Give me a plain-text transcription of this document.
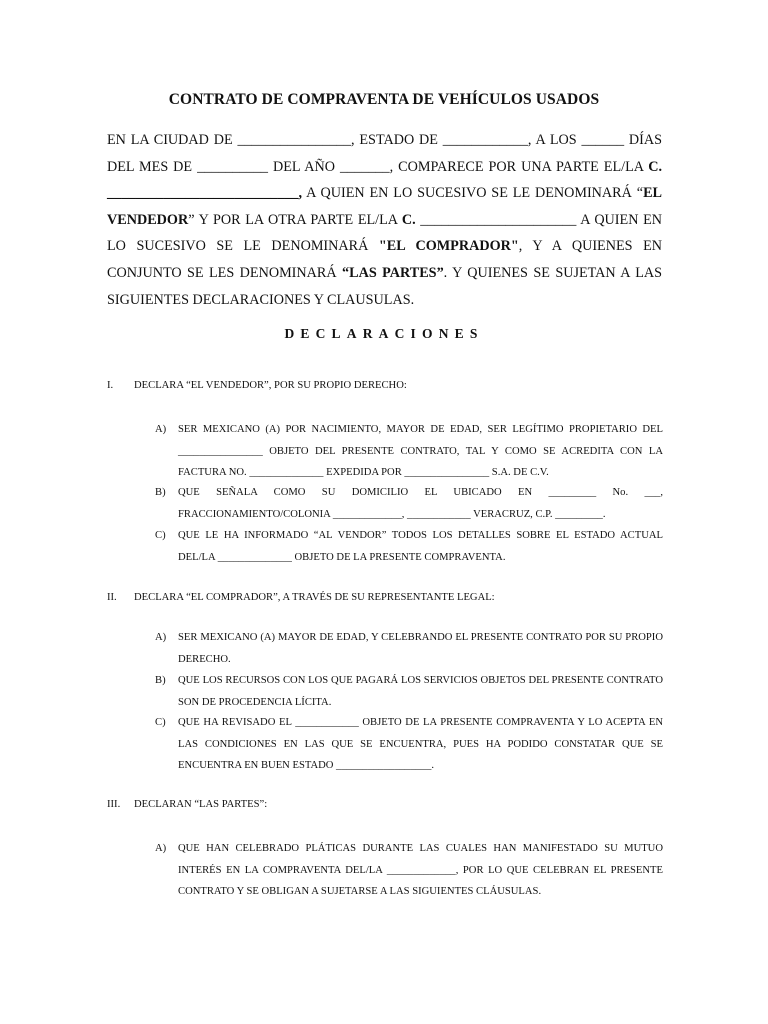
CONTRATO DE COMPRAVENTA DE VEHÍCULOS USADOS
EN LA CIUDAD DE ________________, ESTADO DE ____________, A LOS ______ DÍAS DEL MES DE __________ DEL AÑO _______, COMPARECE POR UNA PARTE EL/LA C. ___________________________, A QUIEN EN LO SUCESIVO SE LE DENOMINARÁ “EL VENDEDOR” Y POR LA OTRA PARTE EL/LA C. ______________________ A QUIEN EN LO SUCESIVO SE LE DENOMINARÁ "EL COMPRADOR", Y A QUIENES EN CONJUNTO SE LES DENOMINARÁ “LAS PARTES”. Y QUIENES SE SUJETAN A LAS SIGUIENTES DECLARACIONES Y CLAUSULAS.
DECLARACIONES
I. DECLARA “EL VENDEDOR”, POR SU PROPIO DERECHO:
A) SER MEXICANO (A) POR NACIMIENTO, MAYOR DE EDAD, SER LEGÍTIMO PROPIETARIO DEL ________________ OBJETO DEL PRESENTE CONTRATO, TAL Y COMO SE ACREDITA CON LA FACTURA NO. ______________ EXPEDIDA POR ________________ S.A. DE C.V.
B) QUE SEÑALA COMO SU DOMICILIO EL UBICADO EN _________ No. ___, FRACCIONAMIENTO/COLONIA _____________, ____________ VERACRUZ, C.P. _________.
C) QUE LE HA INFORMADO “AL VENDOR” TODOS LOS DETALLES SOBRE EL ESTADO ACTUAL DEL/LA ______________ OBJETO DE LA PRESENTE COMPRAVENTA.
II. DECLARA “EL COMPRADOR”, A TRAVÉS DE SU REPRESENTANTE LEGAL:
A) SER MEXICANO (A) MAYOR DE EDAD, Y CELEBRANDO EL PRESENTE CONTRATO POR SU PROPIO DERECHO.
B) QUE LOS RECURSOS CON LOS QUE PAGARÁ LOS SERVICIOS OBJETOS DEL PRESENTE CONTRATO SON DE PROCEDENCIA LÍCITA.
C) QUE HA REVISADO EL ____________ OBJETO DE LA PRESENTE COMPRAVENTA Y LO ACEPTA EN LAS CONDICIONES EN LAS QUE SE ENCUENTRA, PUES HA PODIDO CONSTATAR QUE SE ENCUENTRA EN BUEN ESTADO __________________.
III. DECLARAN “LAS PARTES”:
A) QUE HAN CELEBRADO PLÁTICAS DURANTE LAS CUALES HAN MANIFESTADO SU MUTUO INTERÉS EN LA COMPRAVENTA DEL/LA _____________, POR LO QUE CELEBRAN EL PRESENTE CONTRATO Y SE OBLIGAN A SUJETARSE A LAS SIGUIENTES CLÁUSULAS.
